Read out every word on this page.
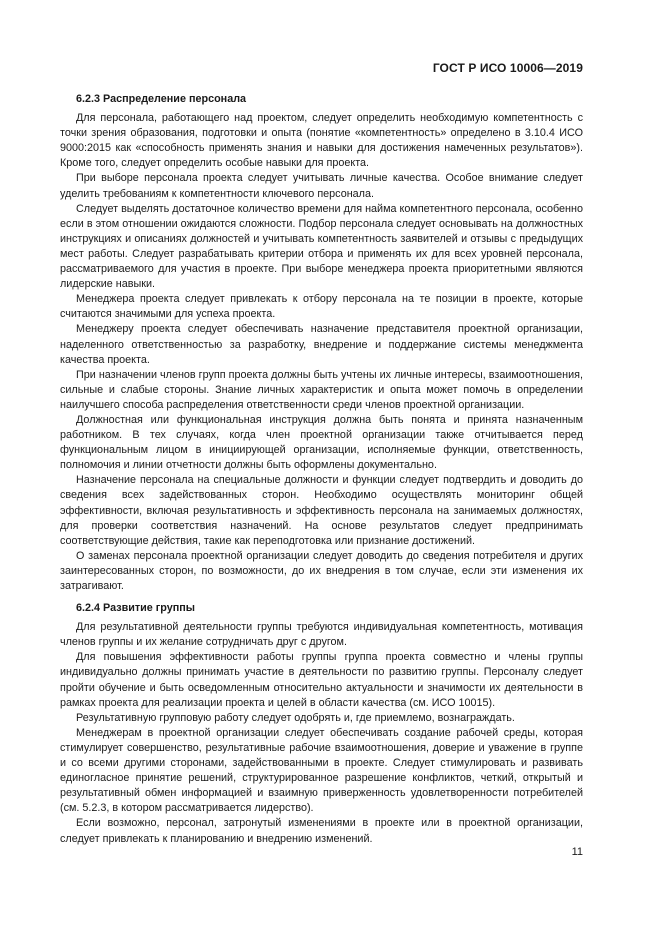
ГОСТ Р ИСО 10006—2019

6.2.3 Распределение персонала

Для персонала, работающего над проектом, следует определить необходимую компетентность с точки зрения образования, подготовки и опыта (понятие «компетентность» определено в 3.10.4 ИСО 9000:2015 как «способность применять знания и навыки для достижения намеченных результатов»). Кроме того, следует определить особые навыки для проекта.

При выборе персонала проекта следует учитывать личные качества. Особое внимание следует уделить требованиям к компетентности ключевого персонала.

Следует выделять достаточное количество времени для найма компетентного персонала, особенно если в этом отношении ожидаются сложности. Подбор персонала следует основывать на должностных инструкциях и описаниях должностей и учитывать компетентность заявителей и отзывы с предыдущих мест работы. Следует разрабатывать критерии отбора и применять их для всех уровней персонала, рассматриваемого для участия в проекте. При выборе менеджера проекта приоритетными являются лидерские навыки.

Менеджера проекта следует привлекать к отбору персонала на те позиции в проекте, которые считаются значимыми для успеха проекта.

Менеджеру проекта следует обеспечивать назначение представителя проектной организации, наделенного ответственностью за разработку, внедрение и поддержание системы менеджмента качества проекта.

При назначении членов групп проекта должны быть учтены их личные интересы, взаимоотношения, сильные и слабые стороны. Знание личных характеристик и опыта может помочь в определении наилучшего способа распределения ответственности среди членов проектной организации.

Должностная или функциональная инструкция должна быть понята и принята назначенным работником. В тех случаях, когда член проектной организации также отчитывается перед функциональным лицом в инициирующей организации, исполняемые функции, ответственность, полномочия и линии отчетности должны быть оформлены документально.

Назначение персонала на специальные должности и функции следует подтвердить и доводить до сведения всех задействованных сторон. Необходимо осуществлять мониторинг общей эффективности, включая результативность и эффективность персонала на занимаемых должностях, для проверки соответствия назначений. На основе результатов следует предпринимать соответствующие действия, такие как переподготовка или признание достижений.

О заменах персонала проектной организации следует доводить до сведения потребителя и других заинтересованных сторон, по возможности, до их внедрения в том случае, если эти изменения их затрагивают.

6.2.4 Развитие группы

Для результативной деятельности группы требуются индивидуальная компетентность, мотивация членов группы и их желание сотрудничать друг с другом.

Для повышения эффективности работы группы группа проекта совместно и члены группы индивидуально должны принимать участие в деятельности по развитию группы. Персоналу следует пройти обучение и быть осведомленным относительно актуальности и значимости их деятельности в рамках проекта для реализации проекта и целей в области качества (см. ИСО 10015).

Результативную групповую работу следует одобрять и, где приемлемо, вознаграждать.

Менеджерам в проектной организации следует обеспечивать создание рабочей среды, которая стимулирует совершенство, результативные рабочие взаимоотношения, доверие и уважение в группе и со всеми другими сторонами, задействованными в проекте. Следует стимулировать и развивать единогласное принятие решений, структурированное разрешение конфликтов, четкий, открытый и результативный обмен информацией и взаимную приверженность удовлетворенности потребителей (см. 5.2.3, в котором рассматривается лидерство).

Если возможно, персонал, затронутый изменениями в проекте или в проектной организации, следует привлекать к планированию и внедрению изменений.

11
